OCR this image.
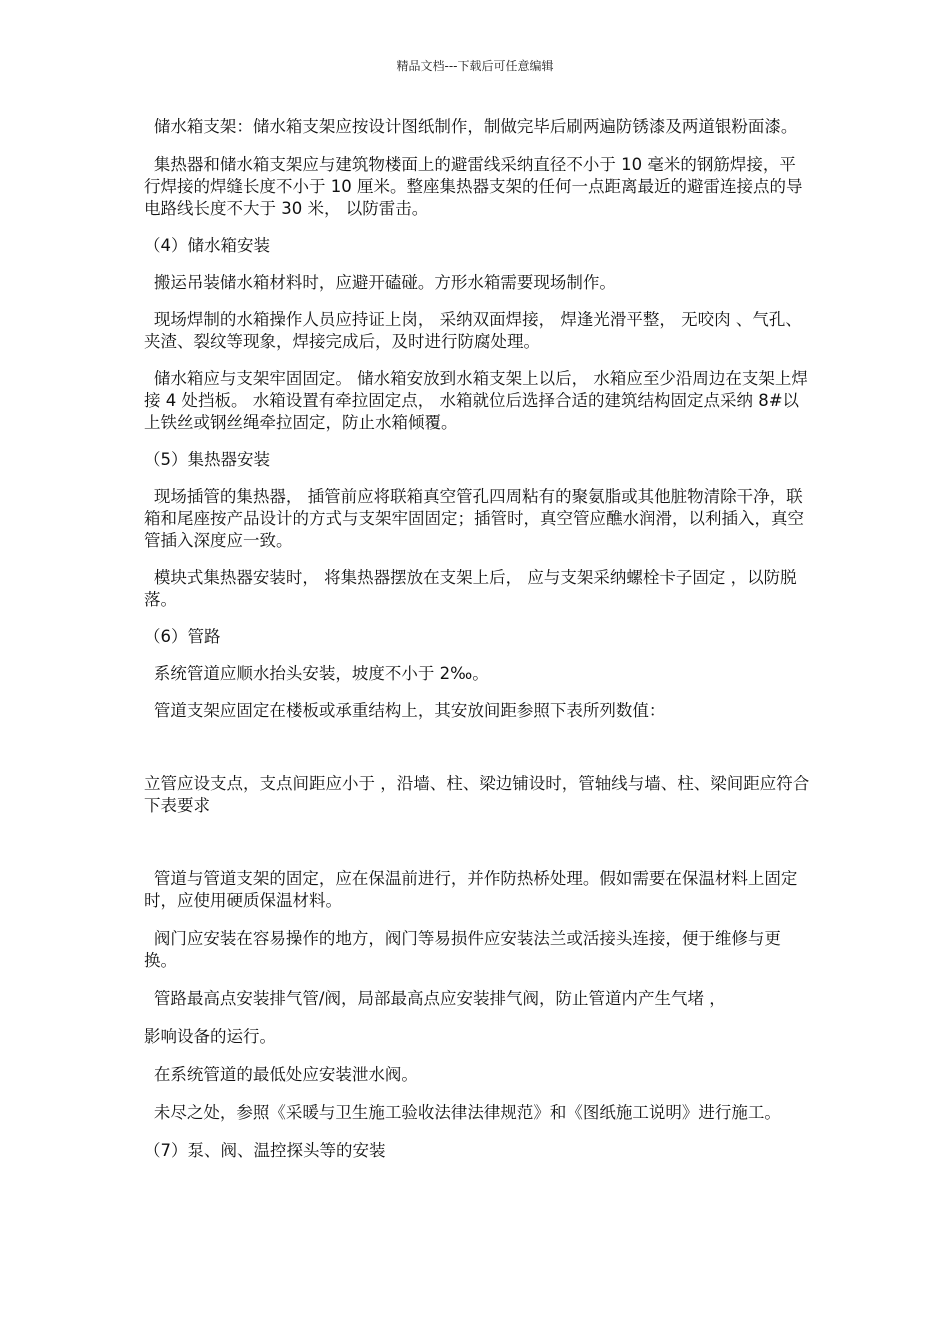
精品文档---下载后可任意编辑

储水箱支架：储水箱支架应按设计图纸制作，制做完毕后刷两遍防锈漆及两道银粉面漆。

集热器和储水箱支架应与建筑物楼面上的避雷线采纳直径不小于 10 毫米的钢筋焊接，平行焊接的焊缝长度不小于 10 厘米。整座集热器支架的任何一点距离最近的避雷连接点的导电路线长度不大于 30 米， 以防雷击。

（4）储水箱安装

搬运吊装储水箱材料时，应避开磕碰。方形水箱需要现场制作。

现场焊制的水箱操作人员应持证上岗， 采纳双面焊接， 焊逢光滑平整， 无咬肉 、气孔、夹渣、裂纹等现象，焊接完成后，及时进行防腐处理。

储水箱应与支架牢固固定。 储水箱安放到水箱支架上以后， 水箱应至少沿周边在支架上焊接 4 处挡板。 水箱设置有牵拉固定点， 水箱就位后选择合适的建筑结构固定点采纳 8#以上铁丝或钢丝绳牵拉固定，防止水箱倾覆。

（5）集热器安装

现场插管的集热器， 插管前应将联箱真空管孔四周粘有的聚氨脂或其他脏物清除干净，联箱和尾座按产品设计的方式与支架牢固固定；插管时，真空管应醮水润滑，以利插入，真空管插入深度应一致。

模块式集热器安装时， 将集热器摆放在支架上后， 应与支架采纳螺栓卡子固定 ，以防脱落。

（6）管路

系统管道应顺水抬头安装，坡度不小于 2‰。

管道支架应固定在楼板或承重结构上，其安放间距参照下表所列数值：

立管应设支点，支点间距应小于 ，沿墙、柱、梁边铺设时，管轴线与墙、柱、梁间距应符合下表要求

管道与管道支架的固定，应在保温前进行，并作防热桥处理。假如需要在保温材料上固定时，应使用硬质保温材料。

阀门应安装在容易操作的地方，阀门等易损件应安装法兰或活接头连接，便于维修与更换。

管路最高点安装排气管/阀，局部最高点应安装排气阀，防止管道内产生气堵 ，

影响设备的运行。

在系统管道的最低处应安装泄水阀。

未尽之处，参照《采暖与卫生施工验收法律法律规范》和《图纸施工说明》进行施工。

（7）泵、阀、温控探头等的安装
